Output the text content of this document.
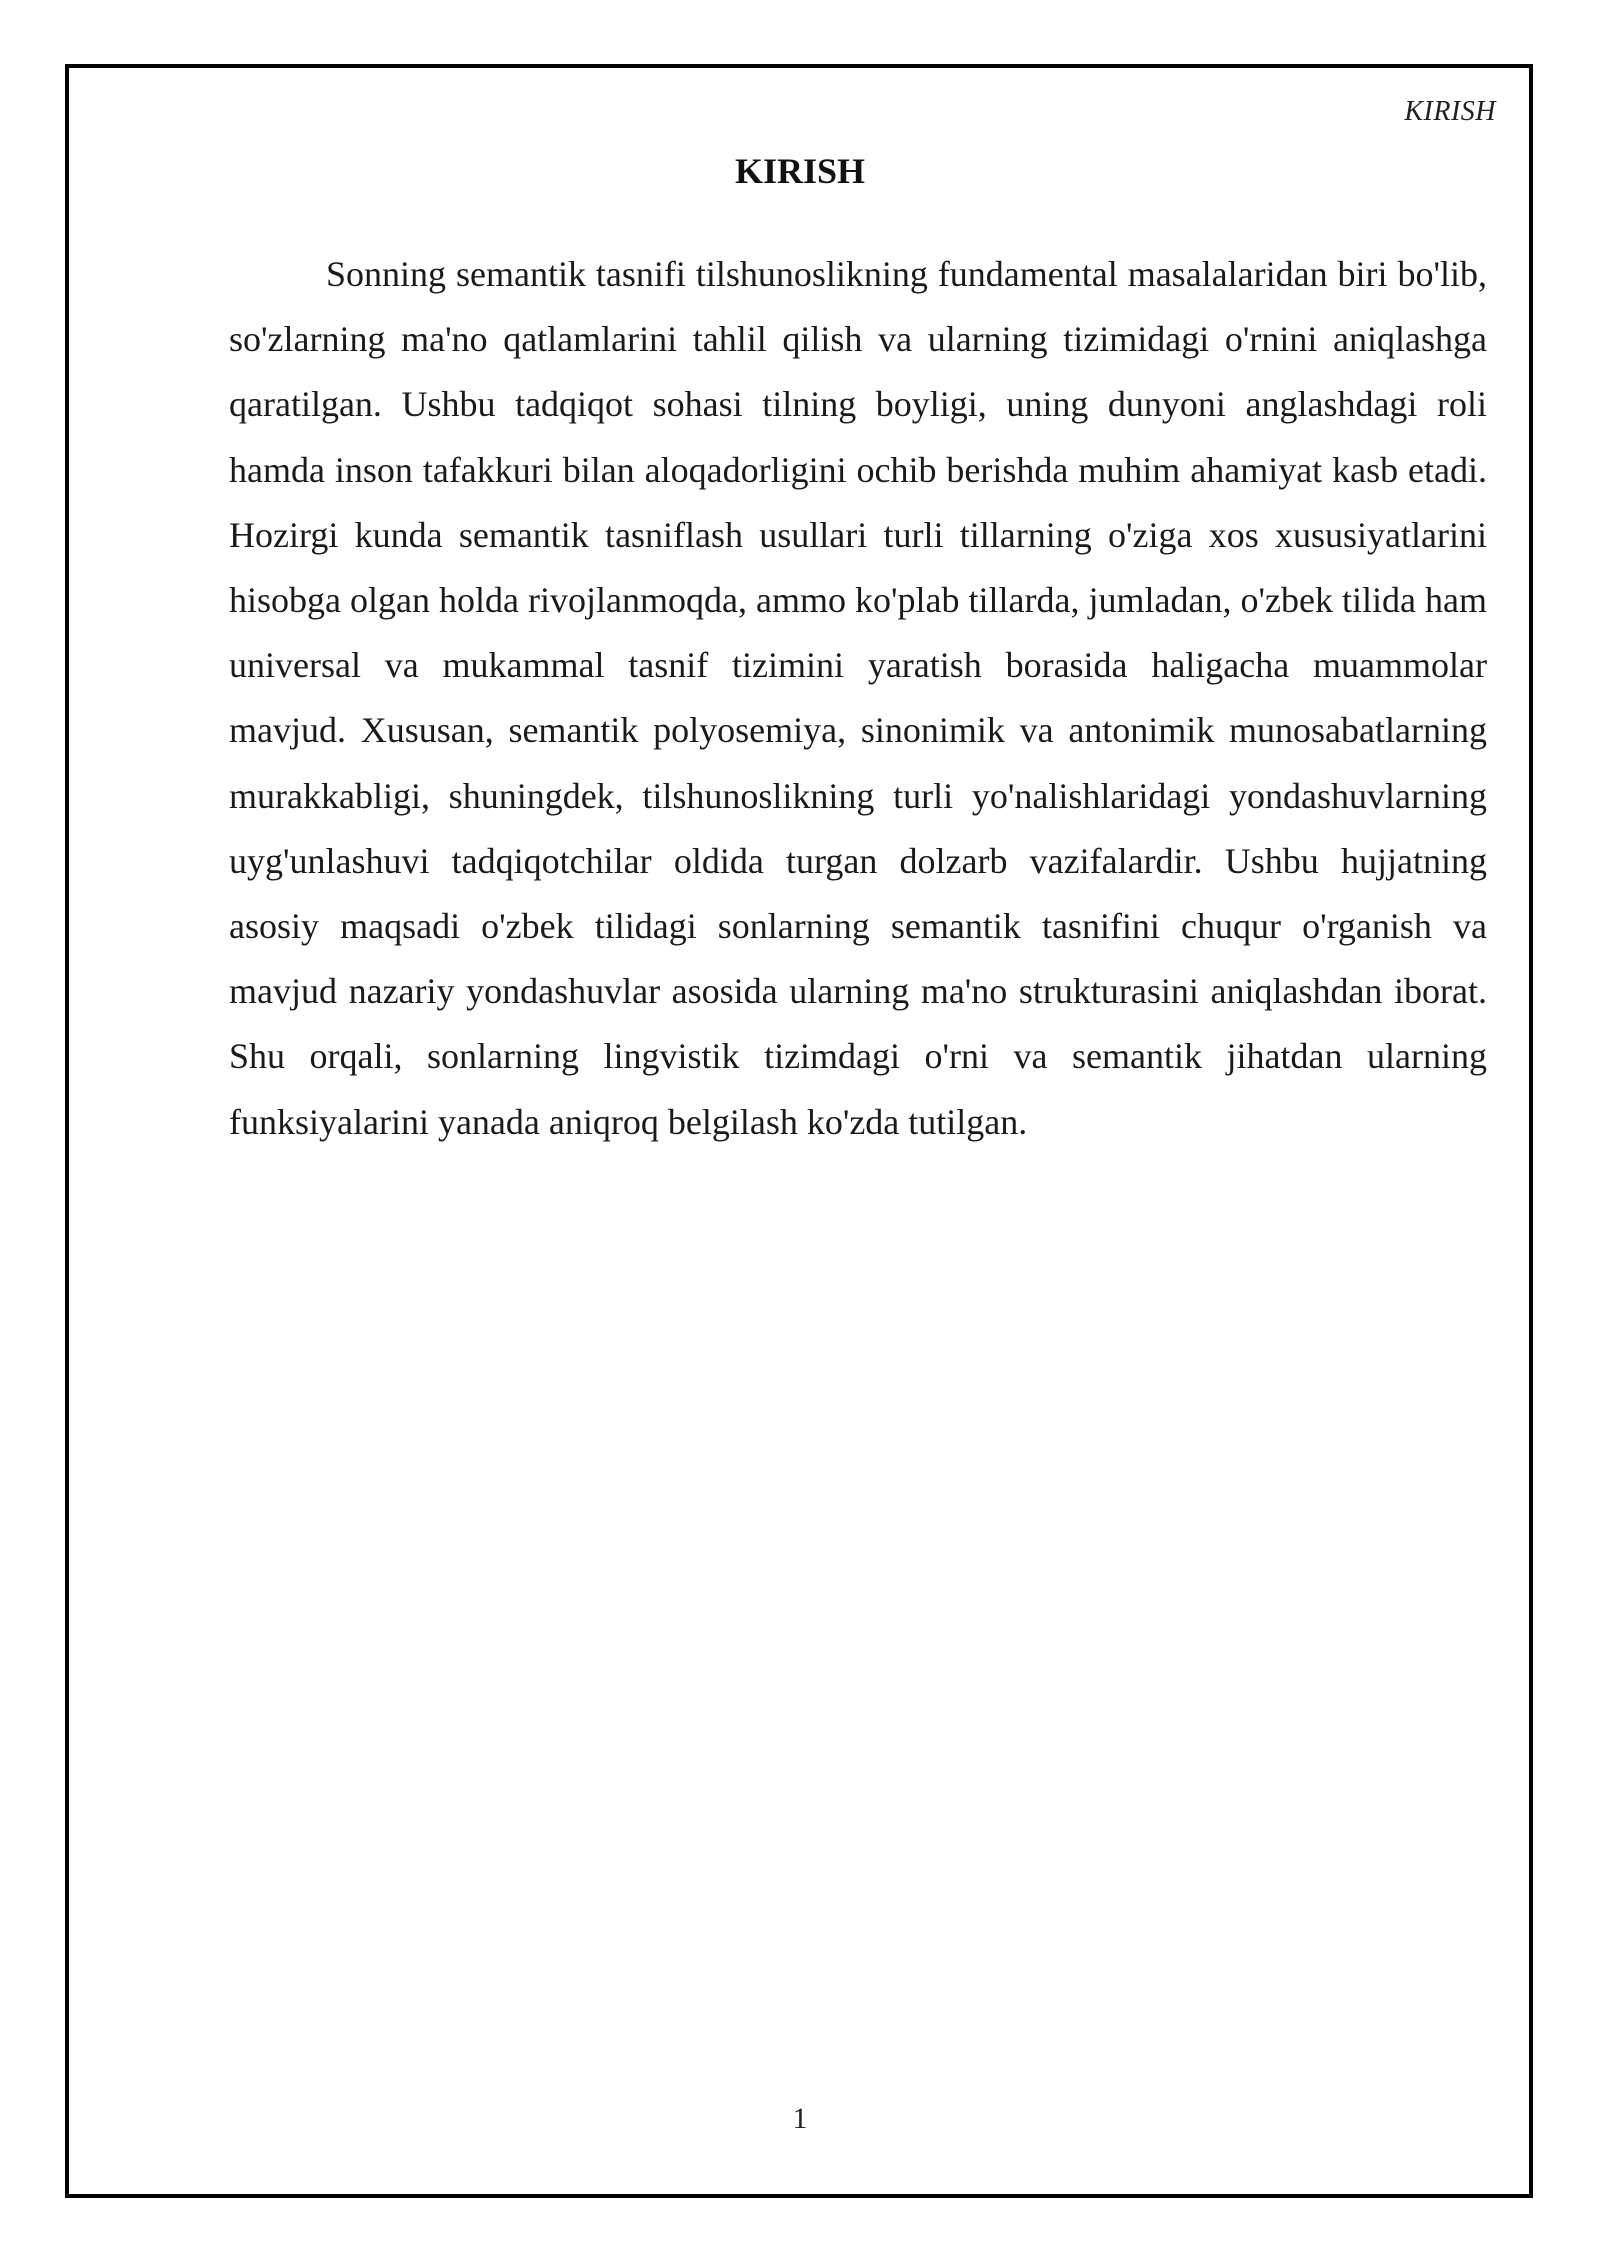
KIRISH
KIRISH

Sonning semantik tasnifi tilshunoslikning fundamental masalalaridan biri bo'lib, so'zlarning ma'no qatlamlarini tahlil qilish va ularning tizimidagi o'rnini aniqlashga qaratilgan. Ushbu tadqiqot sohasi tilning boyligi, uning dunyoni anglashdagi roli hamda inson tafakkuri bilan aloqadorligini ochib berishda muhim ahamiyat kasb etadi. Hozirgi kunda semantik tasniflash usullari turli tillarning o'ziga xos xususiyatlarini hisobga olgan holda rivojlanmoqda, ammo ko'plab tillarda, jumladan, o'zbek tilida ham universal va mukammal tasnif tizimini yaratish borasida haligacha muammolar mavjud. Xususan, semantik polyosemiya, sinonimik va antonimik munosabatlarning murakkabligi, shuningdek, tilshunoslikning turli yo'nalishlaridagi yondashuvlarning uyg'unlashuvi tadqiqotchilar oldida turgan dolzarb vazifalardir. Ushbu hujjatning asosiy maqsadi o'zbek tilidagi sonlarning semantik tasnifini chuqur o'rganish va mavjud nazariy yondashuvlar asosida ularning ma'no strukturasini aniqlashdan iborat. Shu orqali, sonlarning lingvistik tizimdagi o'rni va semantik jihatdan ularning funksiyalarini yanada aniqroq belgilash ko'zda tutilgan.

1
